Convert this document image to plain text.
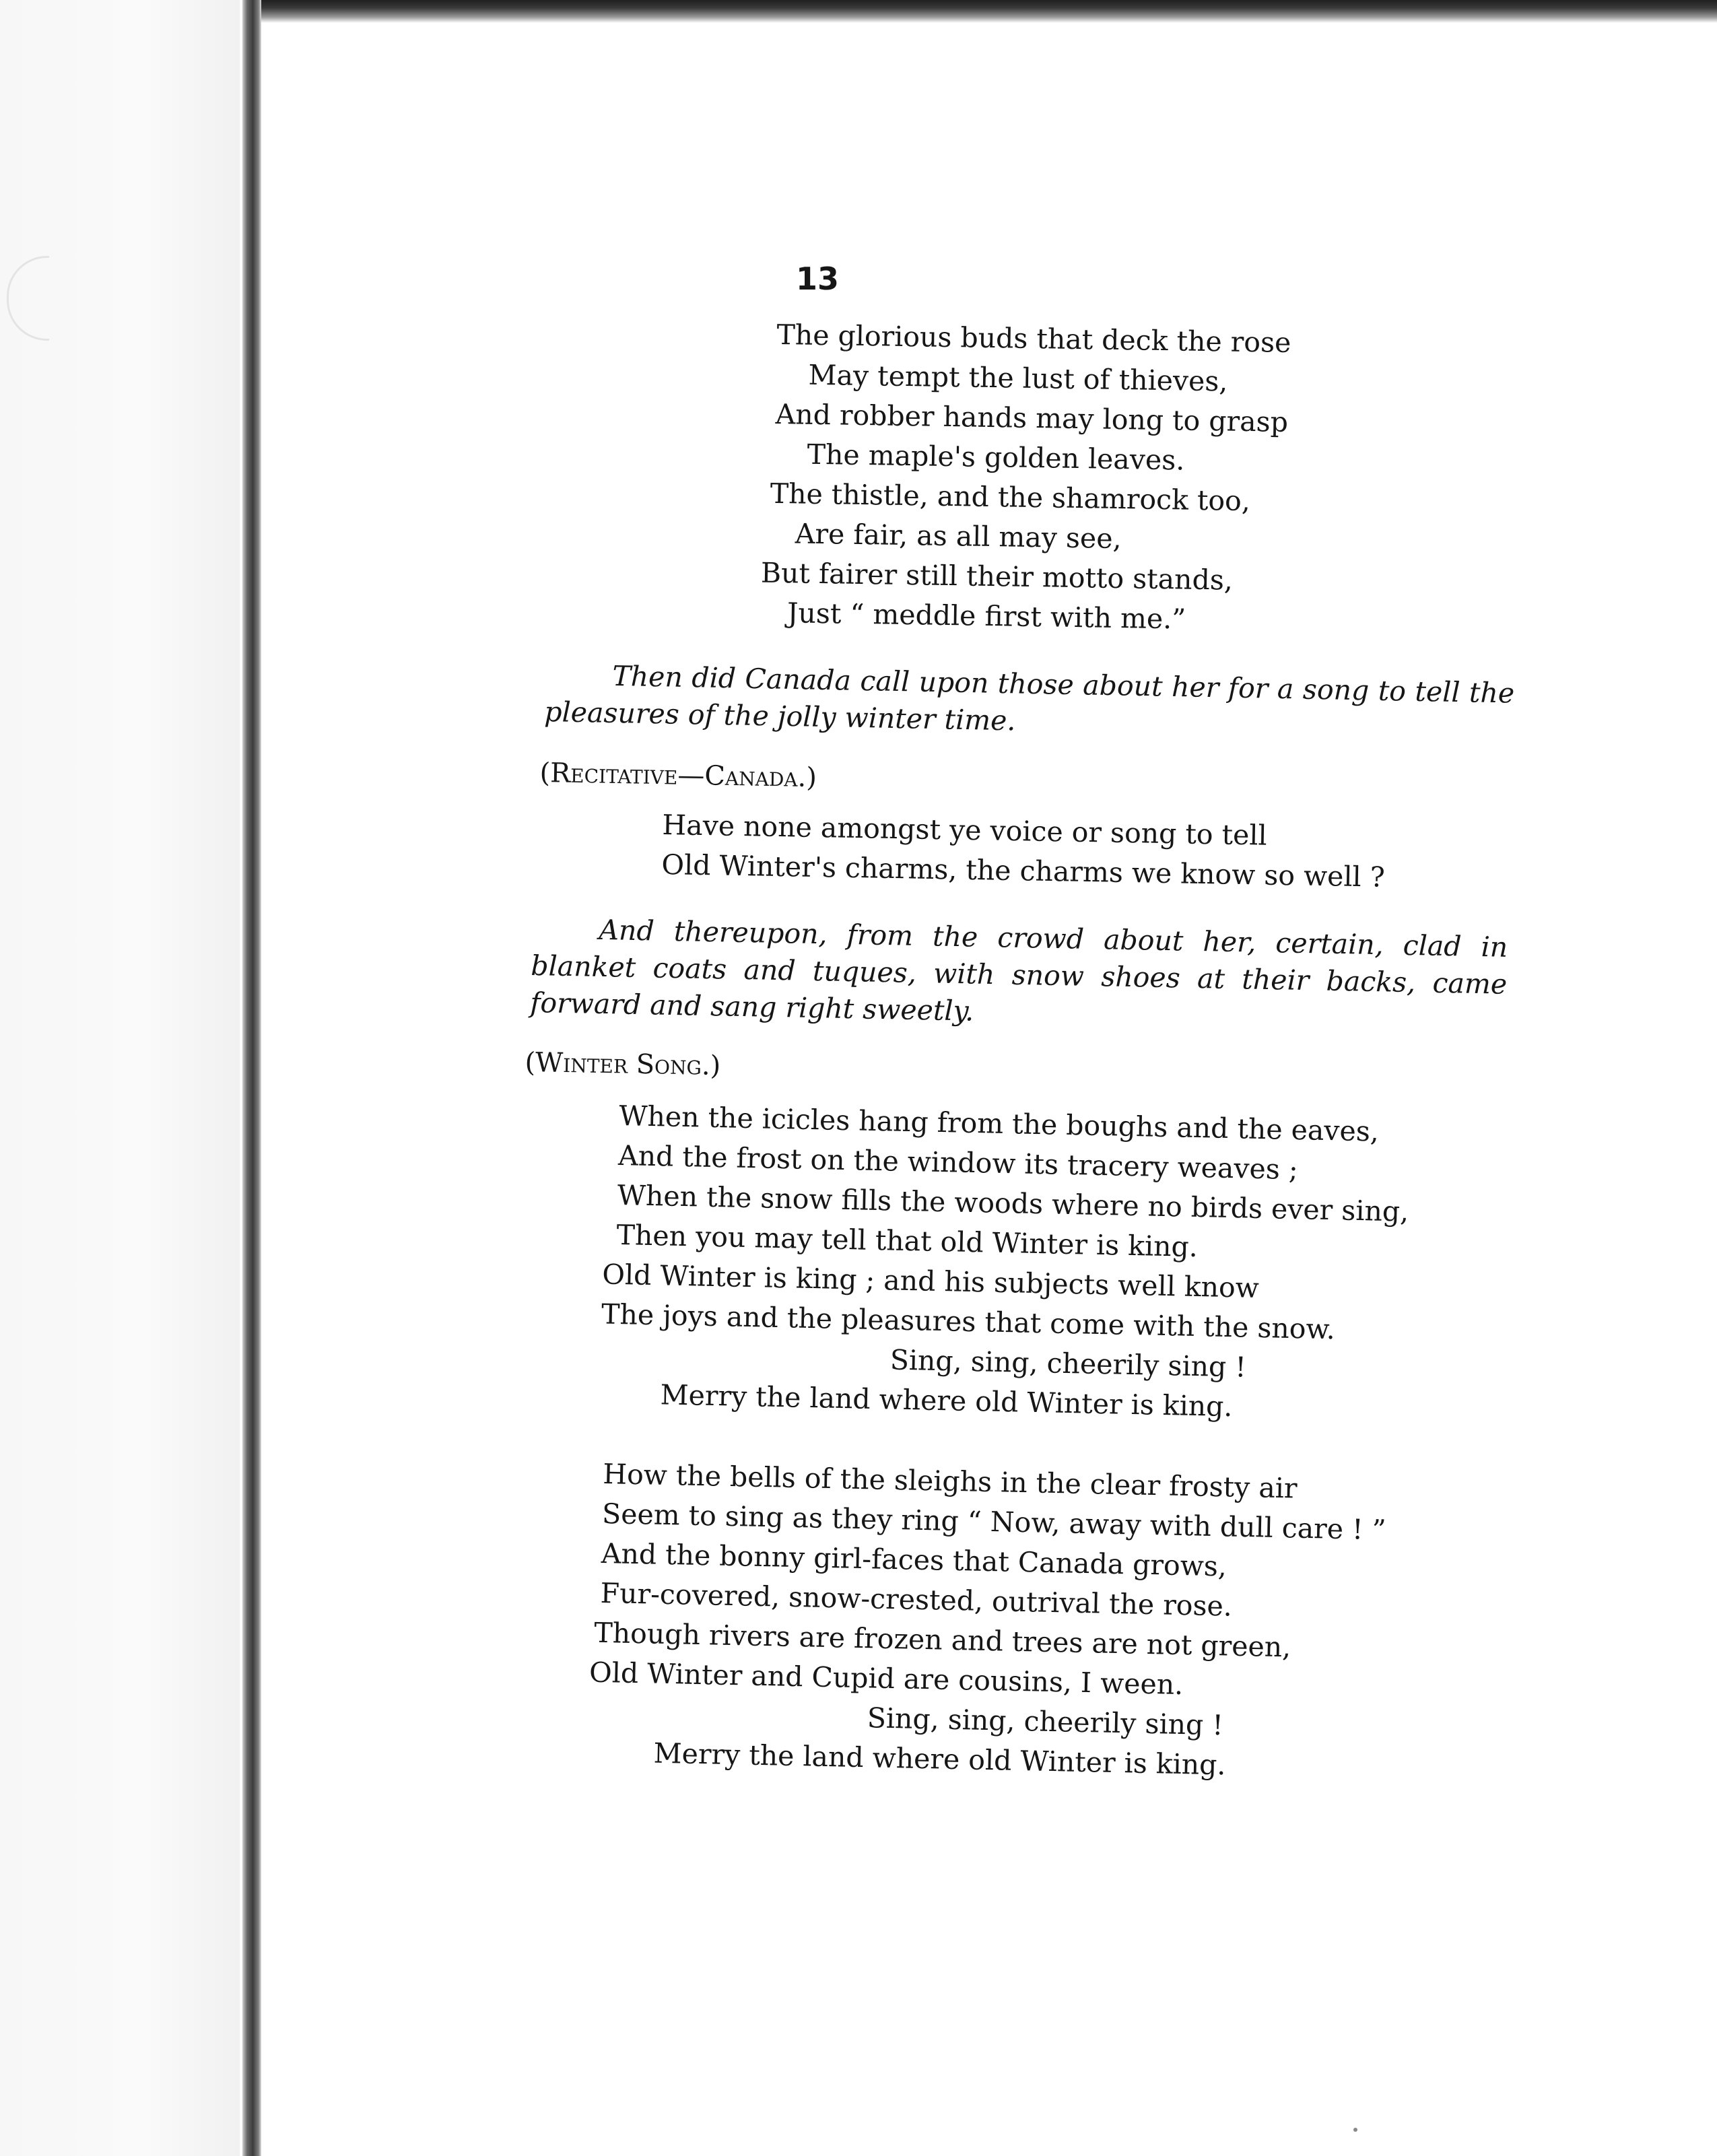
13

The glorious buds that deck the rose
May tempt the lust of thieves,
And robber hands may long to grasp
The maple's golden leaves.
The thistle, and the shamrock too,
Are fair, as all may see,
But fairer still their motto stands,
Just “ meddle first with me.”

Then did Canada call upon those about her for a song to tell the pleasures of the jolly winter time.

(Recitative—Canada.)

Have none amongst ye voice or song to tell
Old Winter's charms, the charms we know so well ?

And thereupon, from the crowd about her, certain, clad in blanket coats and tuques, with snow shoes at their backs, came forward and sang right sweetly.

(Winter Song.)

When the icicles hang from the boughs and the eaves,
And the frost on the window its tracery weaves ;
When the snow fills the woods where no birds ever sing,
Then you may tell that old Winter is king.
Old Winter is king ; and his subjects well know
The joys and the pleasures that come with the snow.
Sing, sing, cheerily sing !
Merry the land where old Winter is king.
How the bells of the sleighs in the clear frosty air
Seem to sing as they ring “ Now, away with dull care ! ”
And the bonny girl-faces that Canada grows,
Fur-covered, snow-crested, outrival the rose.
Though rivers are frozen and trees are not green,
Old Winter and Cupid are cousins, I ween.
Sing, sing, cheerily sing !
Merry the land where old Winter is king.
